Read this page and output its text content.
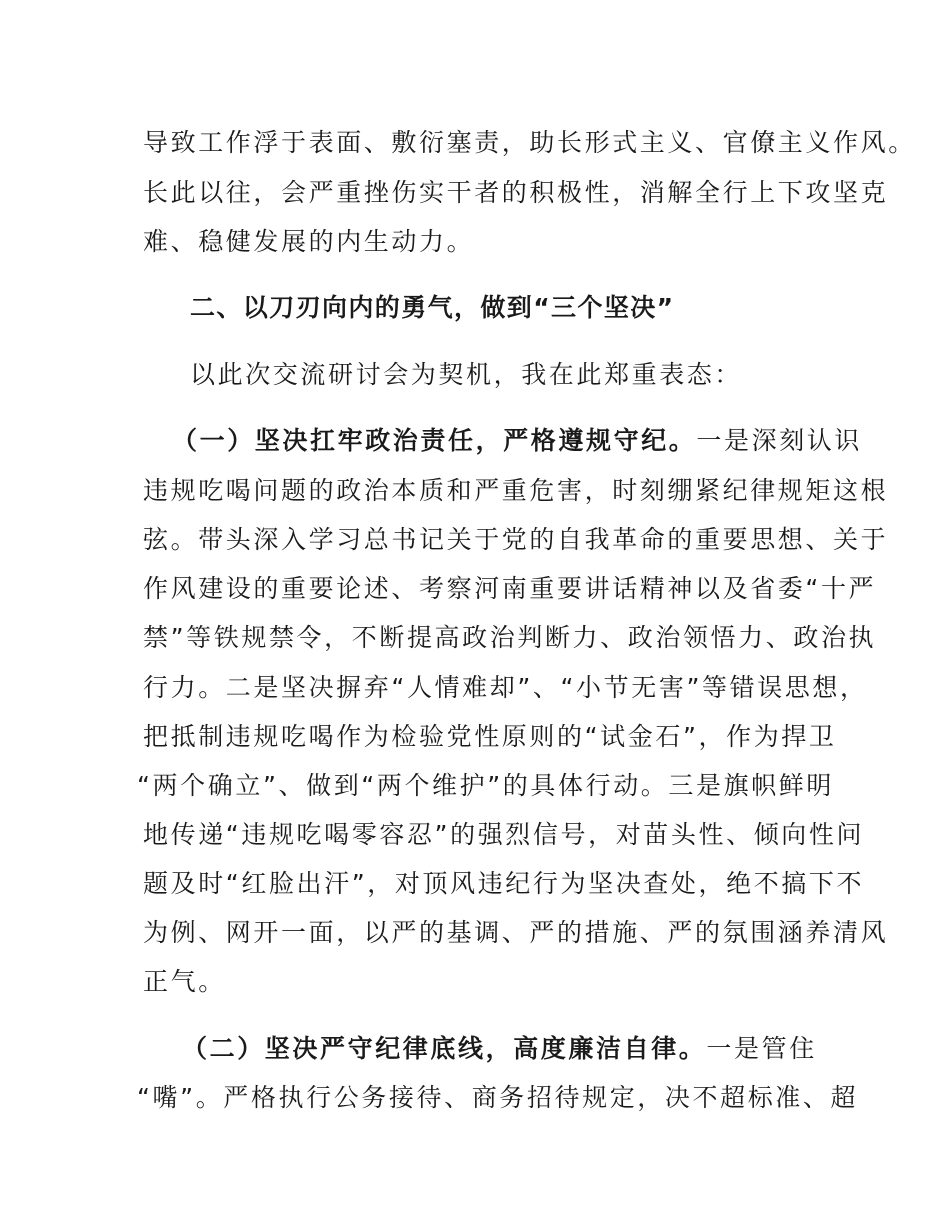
导致工作浮于表面、敷衍塞责，助长形式主义、官僚主义作风。
长此以往，会严重挫伤实干者的积极性，消解全行上下攻坚克
难、稳健发展的内生动力。
二、以刀刃向内的勇气，做到“三个坚决”
以此次交流研讨会为契机，我在此郑重表态：
（一）坚决扛牢政治责任，严格遵规守纪。一是深刻认识
违规吃喝问题的政治本质和严重危害，时刻绷紧纪律规矩这根
弦。带头深入学习总书记关于党的自我革命的重要思想、关于
作风建设的重要论述、考察河南重要讲话精神以及省委“十严
禁”等铁规禁令，不断提高政治判断力、政治领悟力、政治执
行力。二是坚决摒弃“人情难却”、“小节无害”等错误思想，
把抵制违规吃喝作为检验党性原则的“试金石”，作为捍卫
“两个确立”、做到“两个维护”的具体行动。三是旗帜鲜明
地传递“违规吃喝零容忍”的强烈信号，对苗头性、倾向性问
题及时“红脸出汗”，对顶风违纪行为坚决查处，绝不搞下不
为例、网开一面，以严的基调、严的措施、严的氛围涵养清风
正气。
（二）坚决严守纪律底线，高度廉洁自律。一是管住
“嘴”。严格执行公务接待、商务招待规定，决不超标准、超
